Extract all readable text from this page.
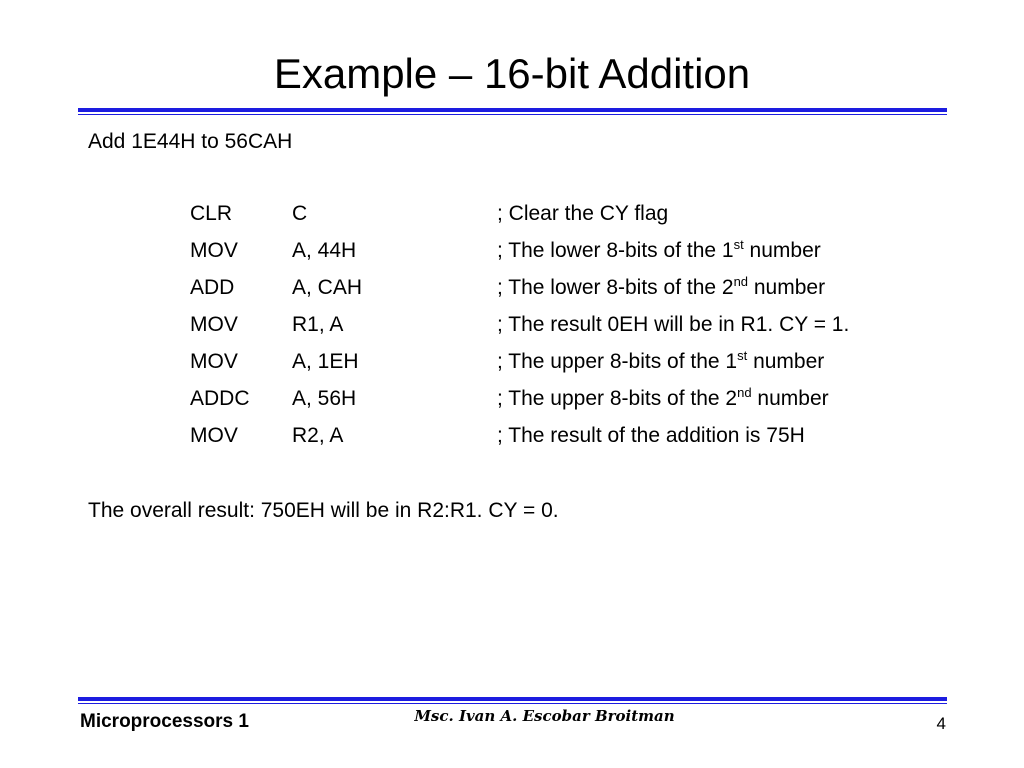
Example – 16-bit Addition
Add 1E44H to 56CAH
CLR	C	; Clear the CY flag
MOV	A, 44H	; The lower 8-bits of the 1st number
ADD	A, CAH	; The lower 8-bits of the 2nd number
MOV	R1, A	; The result 0EH will be in R1. CY = 1.
MOV	A, 1EH	; The upper 8-bits of the 1st number
ADDC A, 56H	; The upper 8-bits of the 2nd number
MOV	R2, A	; The result of the addition is 75H
The overall result: 750EH will be in R2:R1. CY = 0.
Microprocessors 1	Msc. Ivan A. Escobar Broitman	4
